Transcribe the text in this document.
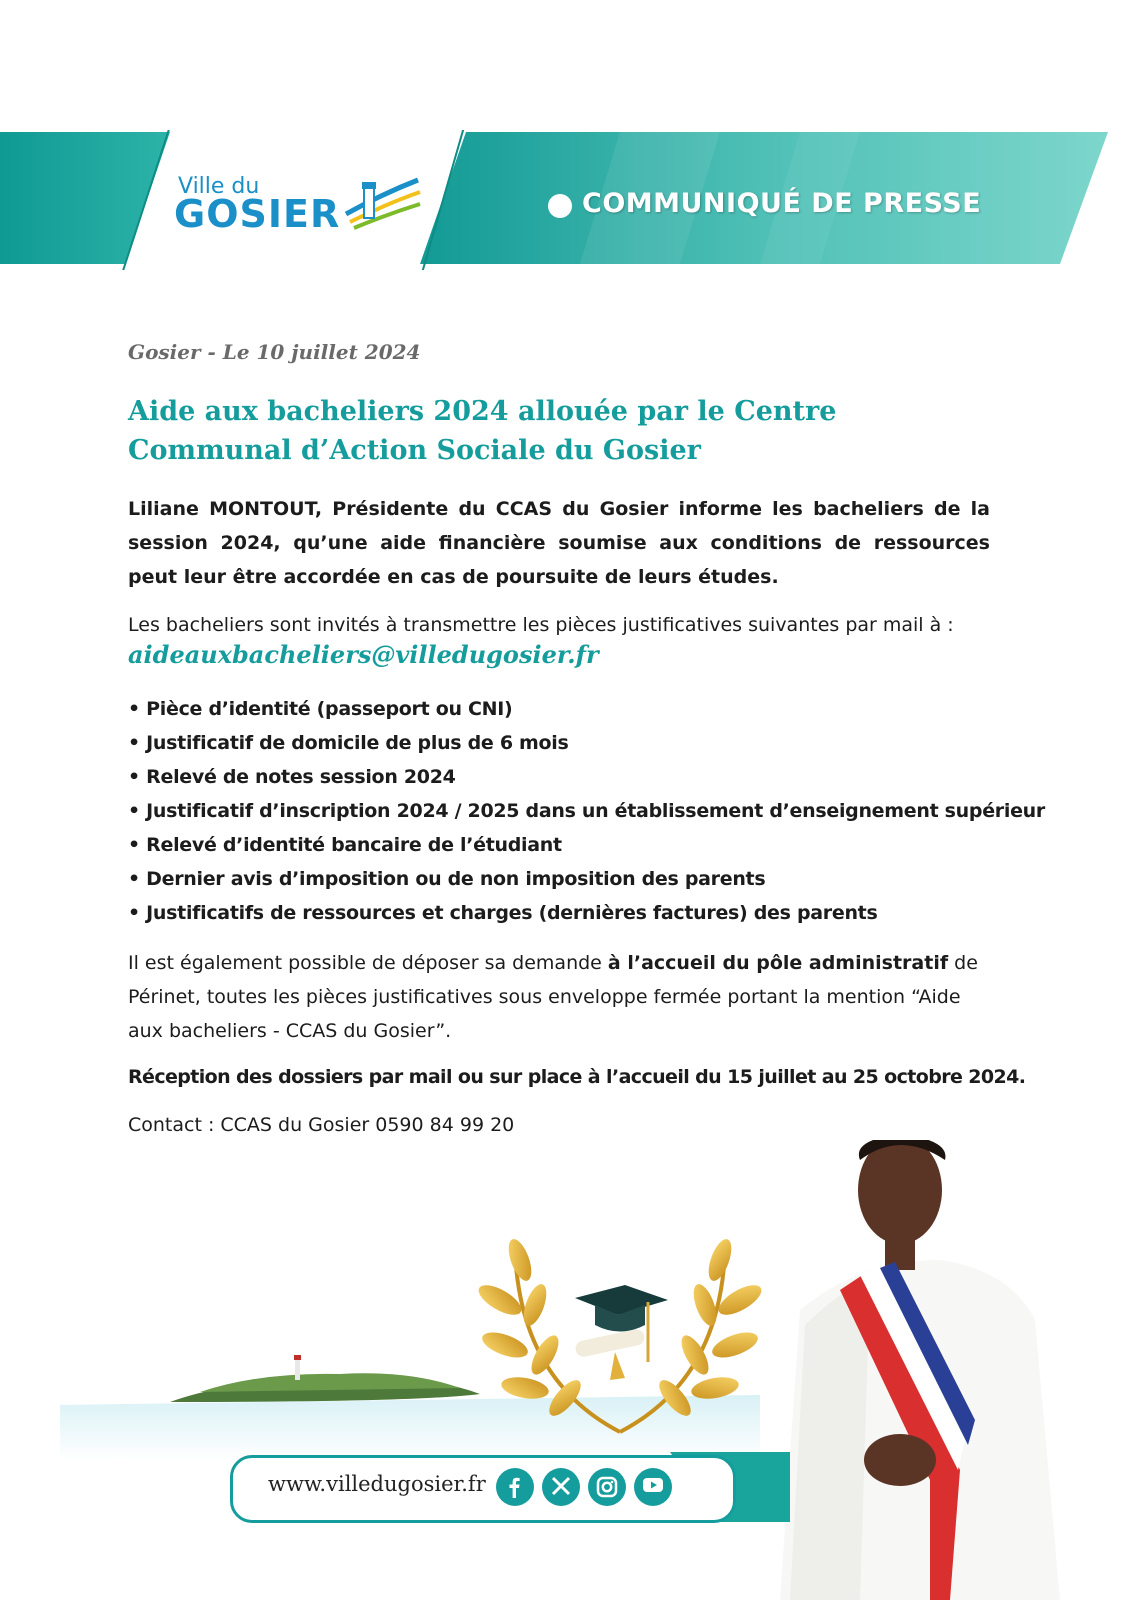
Ville du
GOSIER	COMMUNIQUÉ DE PRESSE
Gosier - Le 10 juillet 2024
Aide aux bacheliers 2024 allouée par le Centre Communal d’Action Sociale du Gosier
Liliane MONTOUT, Présidente du CCAS du Gosier informe les bacheliers de la session 2024, qu’une aide financière soumise aux conditions de ressources peut leur être accordée en cas de poursuite de leurs études.
Les bacheliers sont invités à transmettre les pièces justificatives suivantes par mail à :
aideauxbacheliers@villedugosier.fr
• Pièce d’identité (passeport ou CNI)
• Justificatif de domicile de plus de 6 mois
• Relevé de notes session 2024
• Justificatif d’inscription 2024 / 2025 dans un établissement d’enseignement supérieur
• Relevé d’identité bancaire de l’étudiant
• Dernier avis d’imposition ou de non imposition des parents
• Justificatifs de ressources et charges (dernières factures) des parents
Il est également possible de déposer sa demande à l’accueil du pôle administratif de Périnet, toutes les pièces justificatives sous enveloppe fermée portant la mention “Aide aux bacheliers - CCAS du Gosier”.
Réception des dossiers par mail ou sur place à l’accueil du 15 juillet au 25 octobre 2024.
Contact : CCAS du Gosier 0590 84 99 20
www.villedugosier.fr
